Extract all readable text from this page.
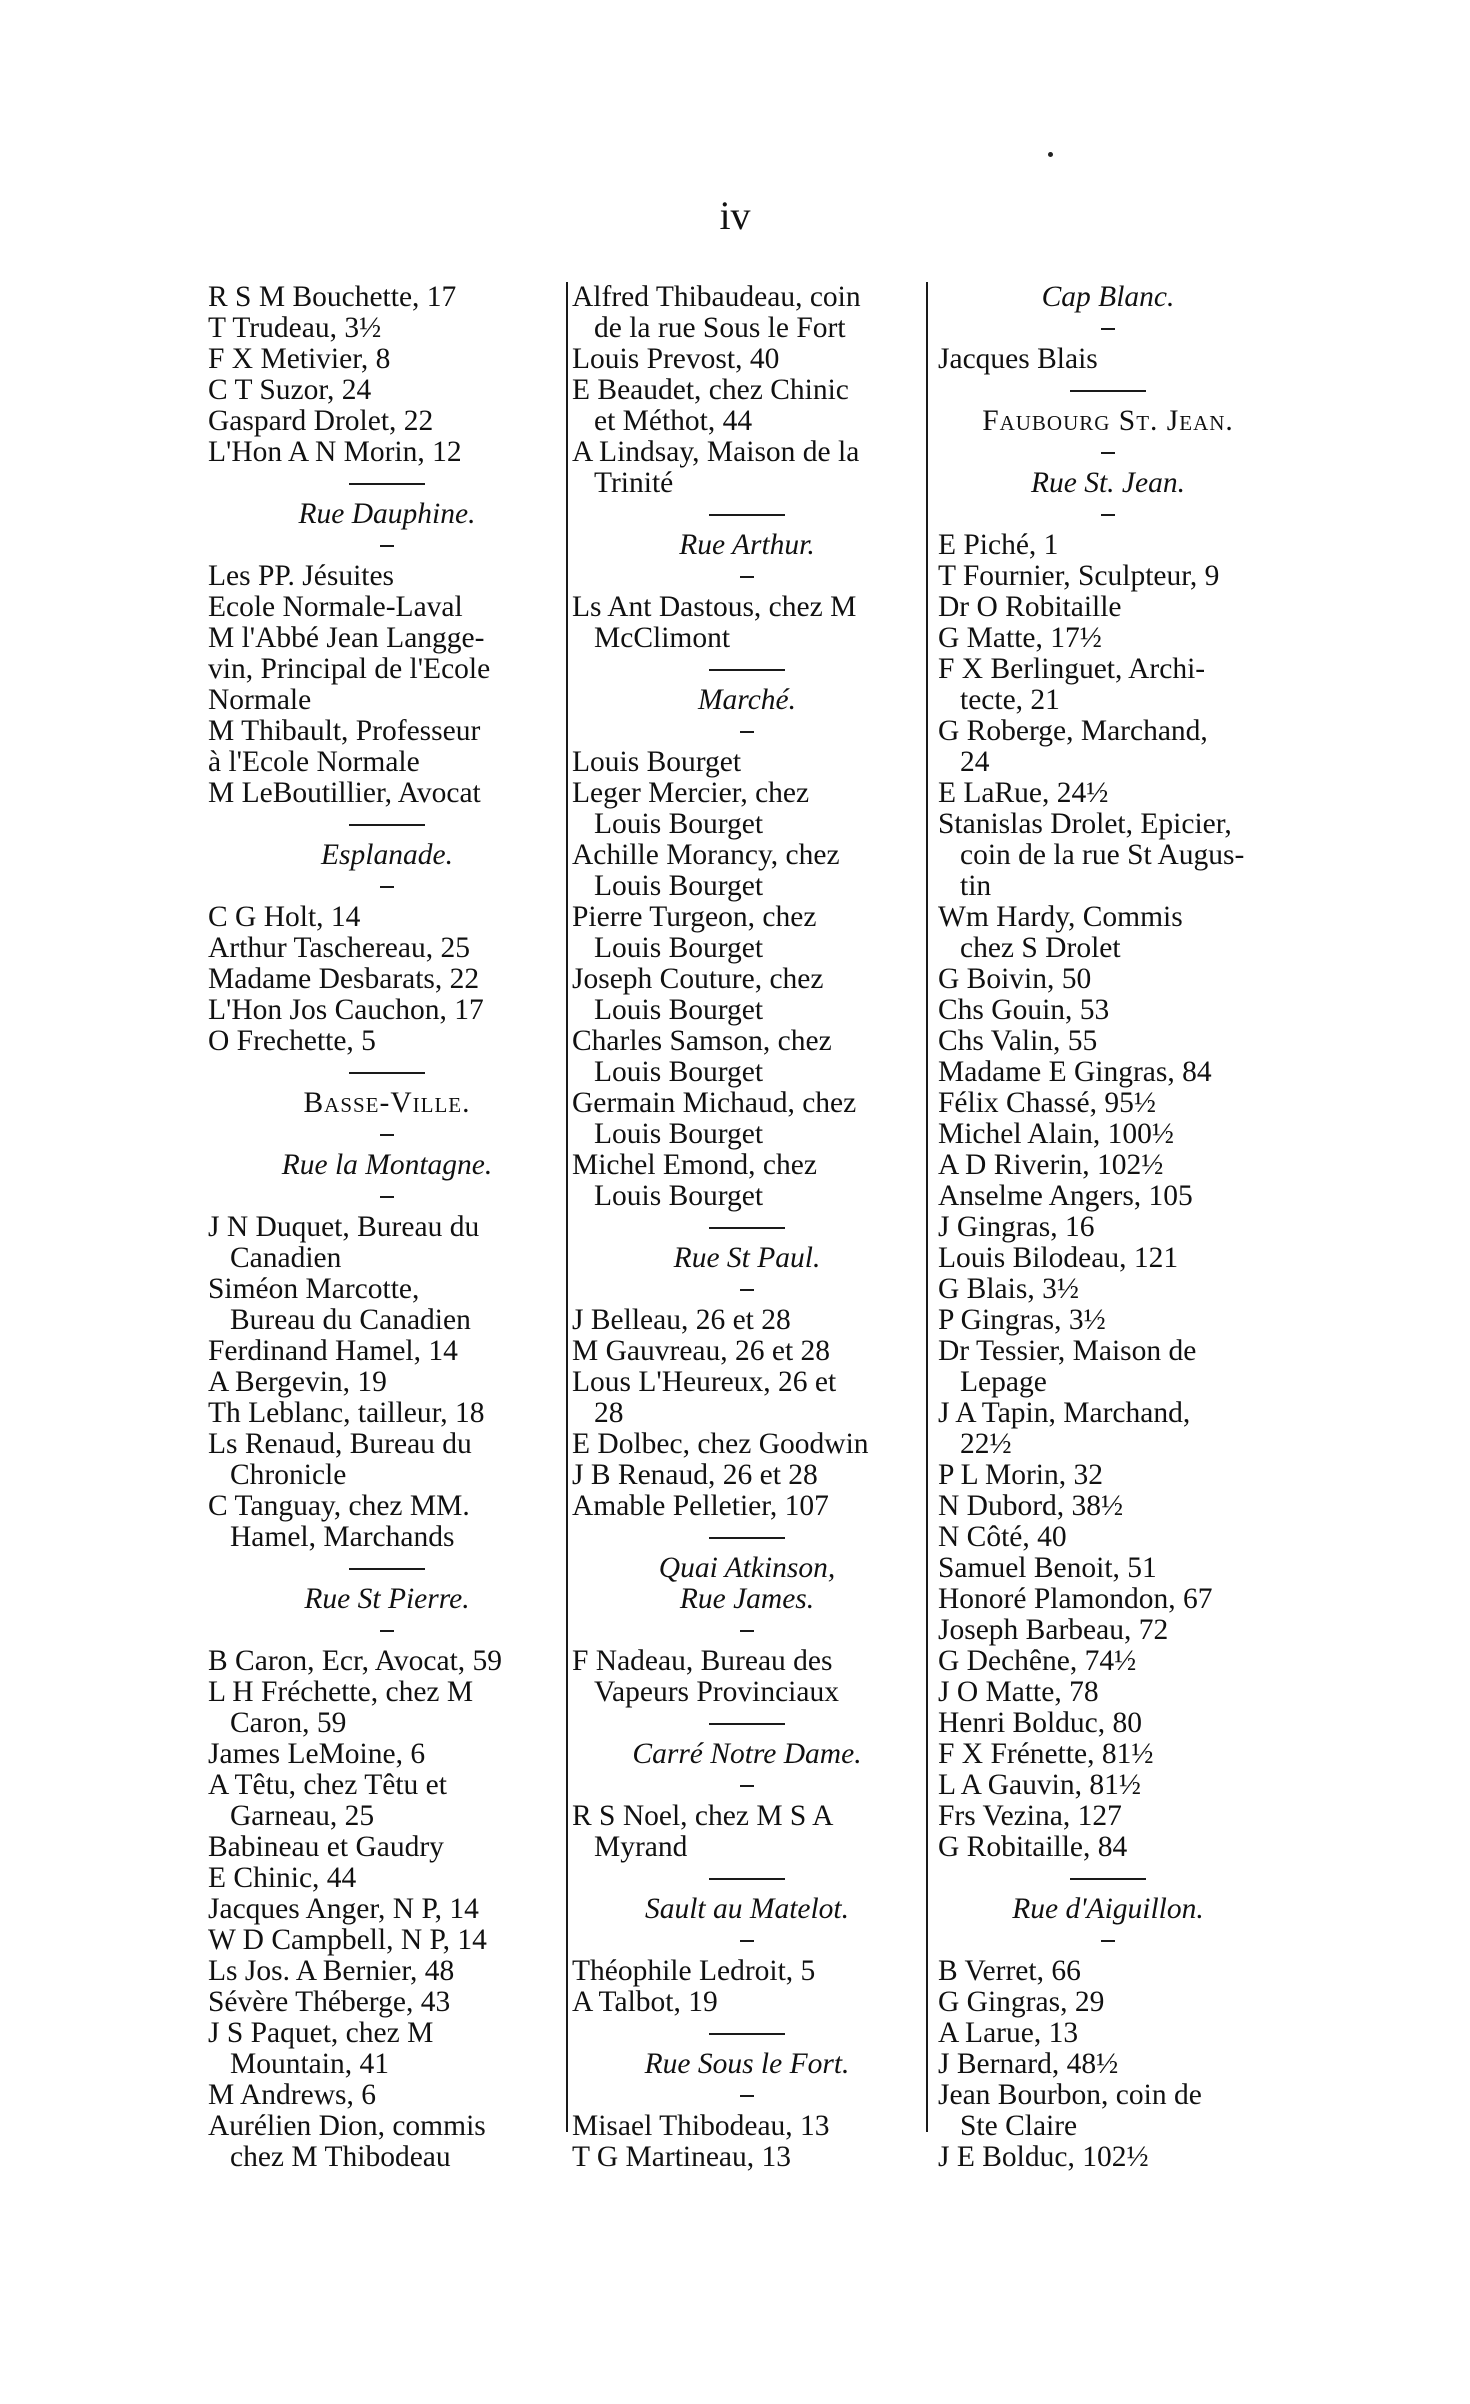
iv
R S M Bouchette, 17
T Trudeau, 3½
F X Metivier, 8
C T Suzor, 24
Gaspard Drolet, 22
L'Hon A N Morin, 12
Rue Dauphine.
Les PP. Jésuites
Ecole Normale-Laval
M l'Abbé Jean Langge-
vin, Principal de l'Ecole
Normale
M Thibault, Professeur
à l'Ecole Normale
M LeBoutillier, Avocat
Esplanade.
C G Holt, 14
Arthur Taschereau, 25
Madame Desbarats, 22
L'Hon Jos Cauchon, 17
O Frechette, 5
Basse-Ville.
Rue la Montagne.
J N Duquet, Bureau du
Canadien
Siméon Marcotte,
Bureau du Canadien
Ferdinand Hamel, 14
A Bergevin, 19
Th Leblanc, tailleur, 18
Ls Renaud, Bureau du
Chronicle
C Tanguay, chez MM.
Hamel, Marchands
Rue St Pierre.
B Caron, Ecr, Avocat, 59
L H Fréchette, chez M
Caron, 59
James LeMoine, 6
A Têtu, chez Têtu et
Garneau, 25
Babineau et Gaudry
E Chinic, 44
Jacques Anger, N P, 14
W D Campbell, N P, 14
Ls Jos. A Bernier, 48
Sévère Théberge, 43
J S Paquet, chez M
Mountain, 41
M Andrews, 6
Aurélien Dion, commis
chez M Thibodeau
Alfred Thibaudeau, coin
de la rue Sous le Fort
Louis Prevost, 40
E Beaudet, chez Chinic
et Méthot, 44
A Lindsay, Maison de la
Trinité
Rue Arthur.
Ls Ant Dastous, chez M
McClimont
Marché.
Louis Bourget
Leger Mercier, chez
Louis Bourget
Achille Morancy, chez
Louis Bourget
Pierre Turgeon, chez
Louis Bourget
Joseph Couture, chez
Louis Bourget
Charles Samson, chez
Louis Bourget
Germain Michaud, chez
Louis Bourget
Michel Emond, chez
Louis Bourget
Rue St Paul.
J Belleau, 26 et 28
M Gauvreau, 26 et 28
Lous L'Heureux, 26 et
28
E Dolbec, chez Goodwin
J B Renaud, 26 et 28
Amable Pelletier, 107
Quai Atkinson,
Rue James.
F Nadeau, Bureau des
Vapeurs Provinciaux
Carré Notre Dame.
R S Noel, chez M S A
Myrand
Sault au Matelot.
Théophile Ledroit, 5
A Talbot, 19
Rue Sous le Fort.
Misael Thibodeau, 13
T G Martineau, 13
Cap Blanc.
Jacques Blais
Faubourg St. Jean.
Rue St. Jean.
E Piché, 1
T Fournier, Sculpteur, 9
Dr O Robitaille
G Matte, 17½
F X Berlinguet, Archi-
tecte, 21
G Roberge, Marchand,
24
E LaRue, 24½
Stanislas Drolet, Epicier,
coin de la rue St Augus-
tin
Wm Hardy, Commis
chez S Drolet
G Boivin, 50
Chs Gouin, 53
Chs Valin, 55
Madame E Gingras, 84
Félix Chassé, 95½
Michel Alain, 100½
A D Riverin, 102½
Anselme Angers, 105
J Gingras, 16
Louis Bilodeau, 121
G Blais, 3½
P Gingras, 3½
Dr Tessier, Maison de
Lepage
J A Tapin, Marchand,
22½
P L Morin, 32
N Dubord, 38½
N Côté, 40
Samuel Benoit, 51
Honoré Plamondon, 67
Joseph Barbeau, 72
G Dechêne, 74½
J O Matte, 78
Henri Bolduc, 80
F X Frénette, 81½
L A Gauvin, 81½
Frs Vezina, 127
G Robitaille, 84
Rue d'Aiguillon.
B Verret, 66
G Gingras, 29
A Larue, 13
J Bernard, 48½
Jean Bourbon, coin de
Ste Claire
J E Bolduc, 102½
